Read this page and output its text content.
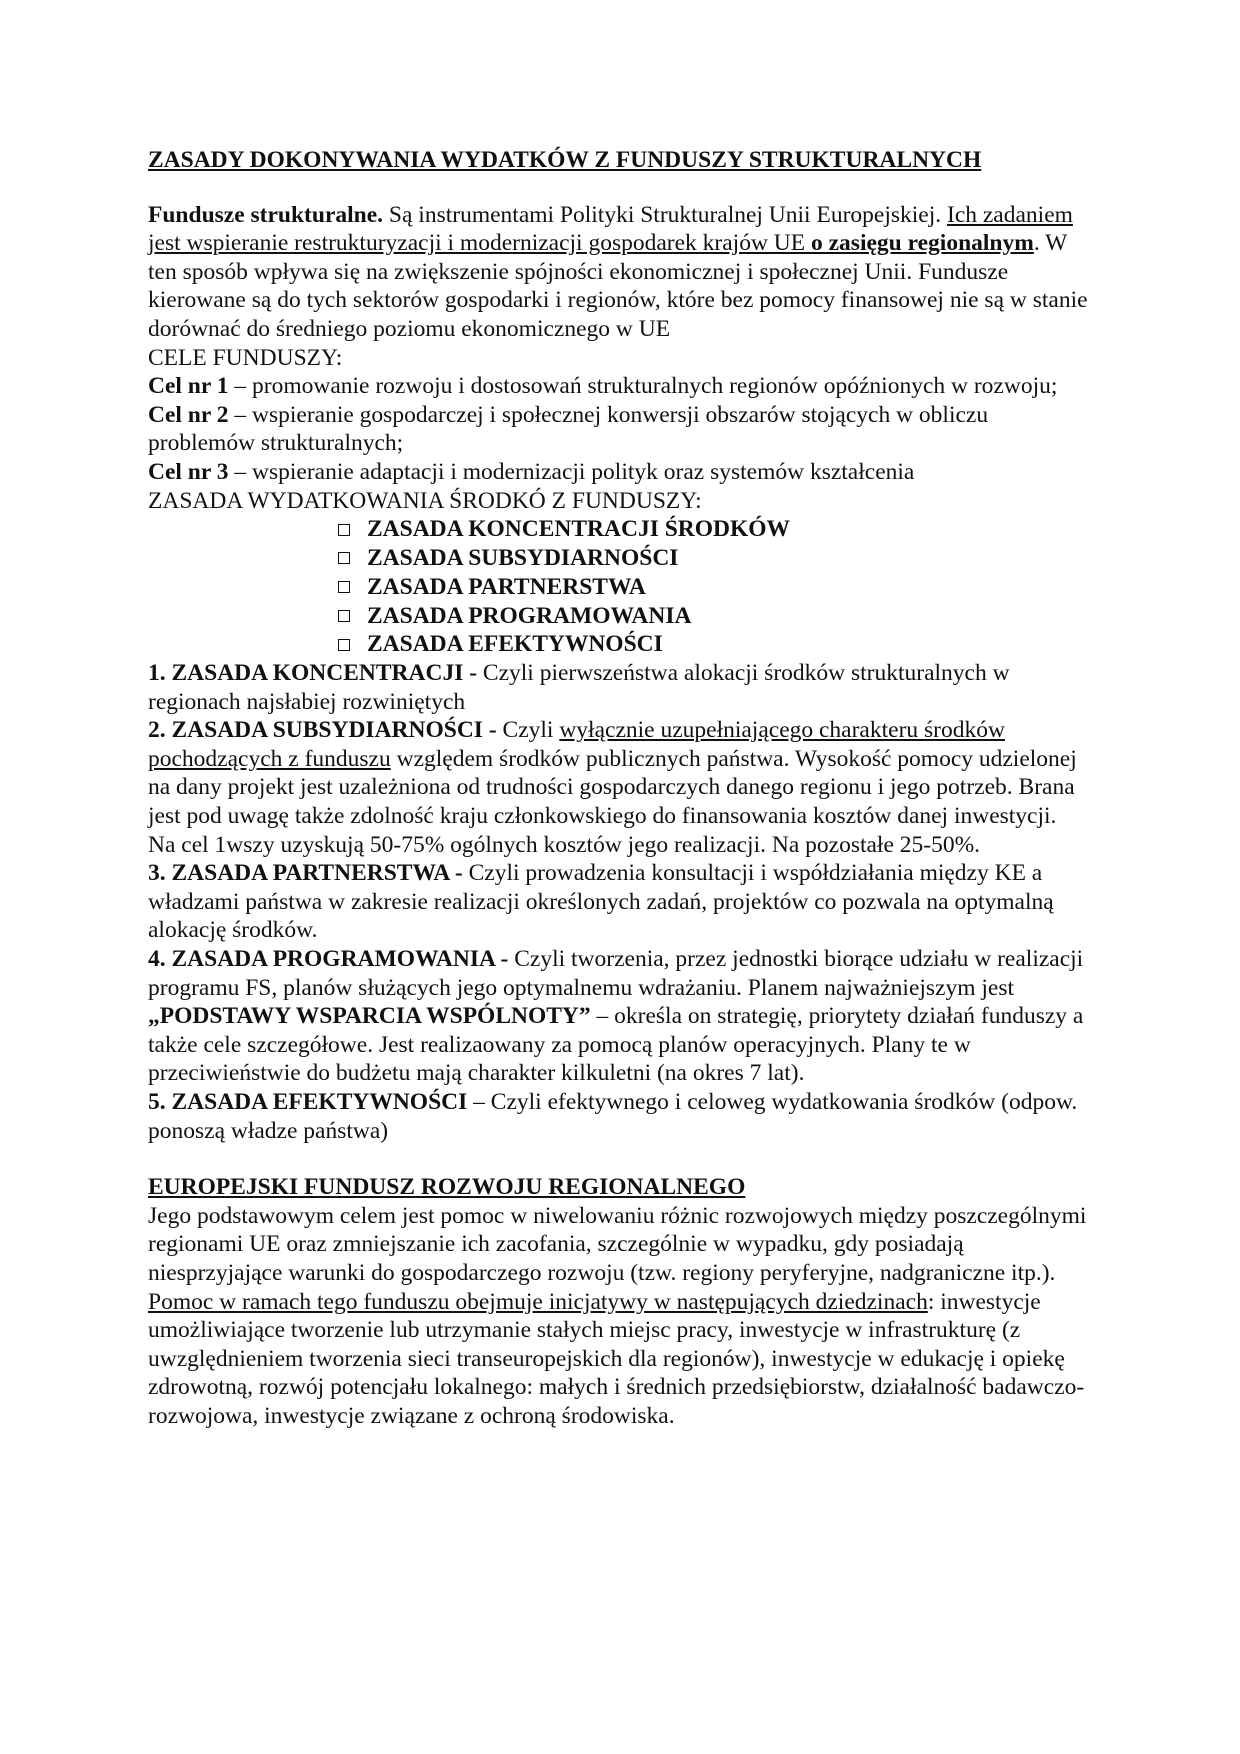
ZASADY DOKONYWANIA WYDATKÓW Z FUNDUSZY STRUKTURALNYCH

Fundusze strukturalne. Są instrumentami Polityki Strukturalnej Unii Europejskiej. Ich zadaniem jest wspieranie restrukturyzacji i modernizacji gospodarek krajów UE o zasięgu regionalnym. W ten sposób wpływa się na zwiększenie spójności ekonomicznej i społecznej Unii. Fundusze kierowane są do tych sektorów gospodarki i regionów, które bez pomocy finansowej nie są w stanie dorównać do średniego poziomu ekonomicznego w UE

CELE FUNDUSZY:

Cel nr 1 – promowanie rozwoju i dostosowań strukturalnych regionów opóźnionych w rozwoju;

Cel nr 2 – wspieranie gospodarczej i społecznej konwersji obszarów stojących w obliczu problemów strukturalnych;

Cel nr 3 – wspieranie adaptacji i modernizacji polityk oraz systemów kształcenia

ZASADA WYDATKOWANIA ŚRODKÓ Z FUNDUSZY:

ZASADA KONCENTRACJI ŚRODKÓW
ZASADA SUBSYDIARNOŚCI
ZASADA PARTNERSTWA
ZASADA PROGRAMOWANIA
ZASADA EFEKTYWNOŚCI

1. ZASADA KONCENTRACJI - Czyli pierwszeństwa alokacji środków strukturalnych w regionach najsłabiej rozwiniętych

2. ZASADA SUBSYDIARNOŚCI - Czyli wyłącznie uzupełniającego charakteru środków pochodzących z funduszu względem środków publicznych państwa. Wysokość pomocy udzielonej na dany projekt jest uzależniona od trudności gospodarczych danego regionu i jego potrzeb. Brana jest pod uwagę także zdolność kraju członkowskiego do finansowania kosztów danej inwestycji. Na cel 1wszy uzyskują 50-75% ogólnych kosztów jego realizacji. Na pozostałe 25-50%.

3. ZASADA PARTNERSTWA - Czyli prowadzenia konsultacji i współdziałania między KE a władzami państwa w zakresie realizacji określonych zadań, projektów co pozwala na optymalną alokację środków.

4. ZASADA PROGRAMOWANIA - Czyli tworzenia, przez jednostki biorące udziału w realizacji programu FS, planów służących jego optymalnemu wdrażaniu. Planem najważniejszym jest „PODSTAWY WSPARCIA WSPÓLNOTY” – określa on strategię, priorytety działań funduszy a także cele szczegółowe. Jest realizaowany za pomocą planów operacyjnych. Plany te w przeciwieństwie do budżetu mają charakter kilkuletni (na okres 7 lat).

5. ZASADA EFEKTYWNOŚCI – Czyli efektywnego i celoweg wydatkowania środków (odpow. ponoszą władze państwa)

EUROPEJSKI FUNDUSZ ROZWOJU REGIONALNEGO

Jego podstawowym celem jest pomoc w niwelowaniu różnic rozwojowych między poszczególnymi regionami UE oraz zmniejszanie ich zacofania, szczególnie w wypadku, gdy posiadają niesprzyjające warunki do gospodarczego rozwoju (tzw. regiony peryferyjne, nadgraniczne itp.). Pomoc w ramach tego funduszu obejmuje inicjatywy w następujących dziedzinach: inwestycje umożliwiające tworzenie lub utrzymanie stałych miejsc pracy, inwestycje w infrastrukturę (z uwzględnieniem tworzenia sieci transeuropejskich dla regionów), inwestycje w edukację i opiekę zdrowotną, rozwój potencjału lokalnego: małych i średnich przedsiębiorstw, działalność badawczo-rozwojowa, inwestycje związane z ochroną środowiska.
